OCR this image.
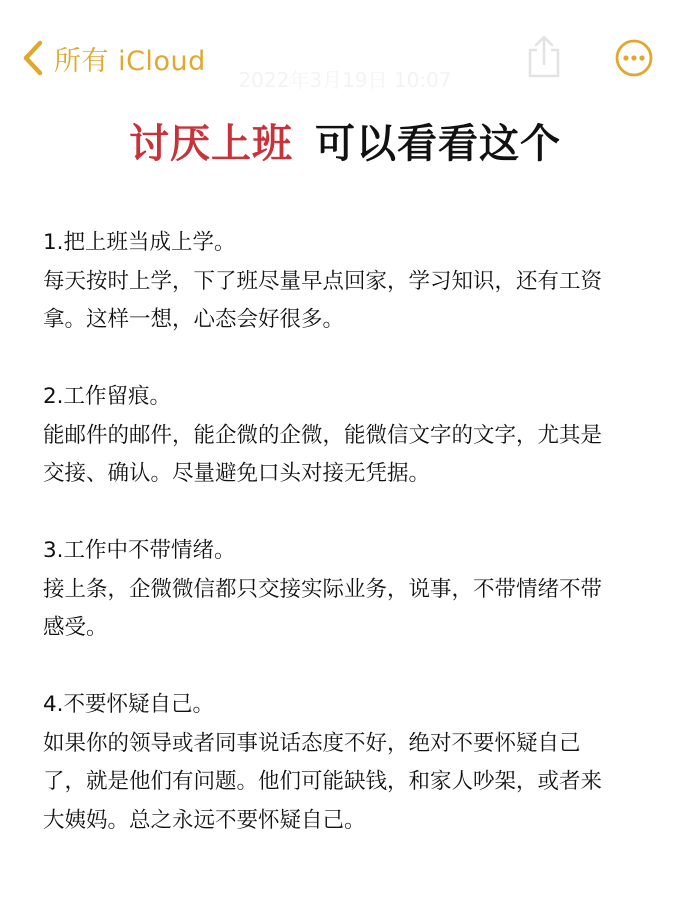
所有 iCloud
2022年3月19日 10:07
讨厌上班 可以看看这个

1.把上班当成上学。

每天按时上学，下了班尽量早点回家，学习知识，还有工资

拿。这样一想，心态会好很多。

2.工作留痕。

能邮件的邮件，能企微的企微，能微信文字的文字，尤其是

交接、确认。尽量避免口头对接无凭据。

3.工作中不带情绪。

接上条，企微微信都只交接实际业务，说事，不带情绪不带

感受。

4.不要怀疑自己。

如果你的领导或者同事说话态度不好，绝对不要怀疑自己

了，就是他们有问题。他们可能缺钱，和家人吵架，或者来

大姨妈。总之永远不要怀疑自己。
